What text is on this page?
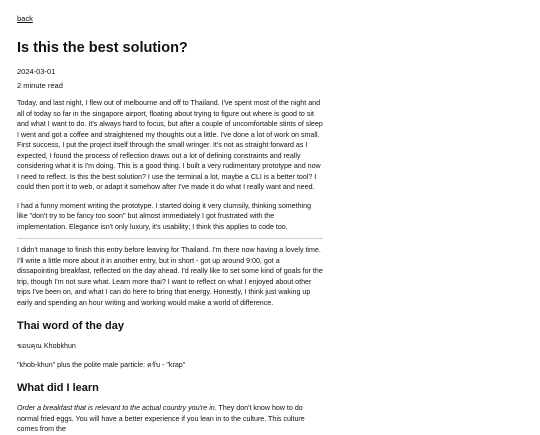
back
Is this the best solution?
2024-03-01
2 minute read

Today, and last night, I flew out of melbourne and off to Thailand. I've spent most of the night and all of today so far in the singapore airport, floating about trying to figure out where is good to sit and what I want to do. It's always hard to focus, but after a couple of uncomfortable stints of sleep I went and got a coffee and straightened my thoughts out a little. I've done a lot of work on small. First success, I put the project itself through the small wringer. It's not as straight forward as I expected, I found the process of reflection draws out a lot of defining constraints and really considering what it is I'm doing. This is a good thing. I built a very rudimentary prototype and now I need to reflect. Is this the best solution? I use the terminal a lot, maybe a CLI is a better tool? I could then port it to web, or adapt it somehow after I've made it do what I really want and need.

I had a funny moment writing the prototype. I started doing it very clumsily, thinking something like "don't try to be fancy too soon" but almost immediately I got frustrated with the implementation. Elegance isn't only luxury, it's usability; I think this applies to code too.

I didn't manage to finish this entry before leaving for Thailand. I'm there now having a lovely time. I'll write a little more about it in another entry, but in short - got up around 9:00, got a dissapointing breakfast, reflected on the day ahead. I'd really like to set some kind of goals for the trip, though I'm not sure what. Learn more thai? I want to reflect on what I enjoyed about other trips I've been on, and what I can do here to bring that energy. Honestly, I think just waking up early and spending an hour writing and working would make a world of difference.

Thai word of the day

ขอบคุณ Khobkhun

"khob-khun" plus the polite male particle: ครับ - "krap"

What did I learn

Order a breakfast that is relevant to the actual country you're in. They don't know how to do normal fried eggs. You will have a better experience if you lean in to the culture. This culture comes from the
